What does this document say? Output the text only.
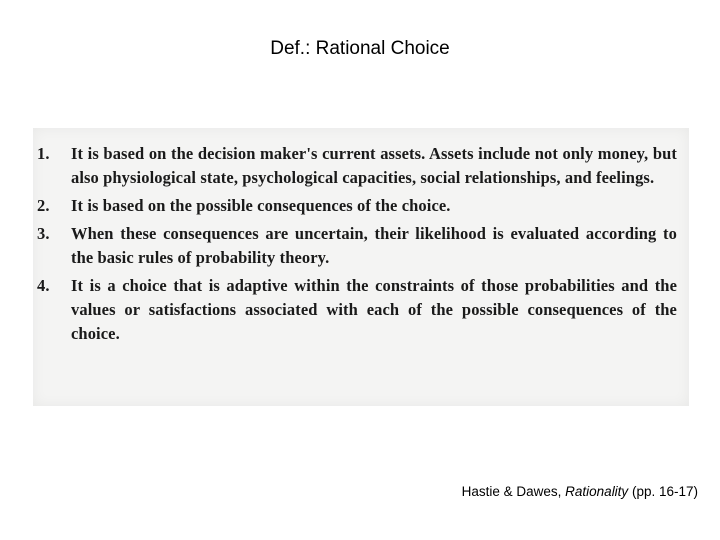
Def.: Rational Choice
1.	It is based on the decision maker's current assets. Assets include not only money, but also physiological state, psychological capacities, social relationships, and feelings.
2.	It is based on the possible consequences of the choice.
3.	When these consequences are uncertain, their likelihood is evaluated according to the basic rules of probability theory.
4.	It is a choice that is adaptive within the constraints of those probabilities and the values or satisfactions associated with each of the possible consequences of the choice.
Hastie & Dawes, Rationality (pp. 16-17)
